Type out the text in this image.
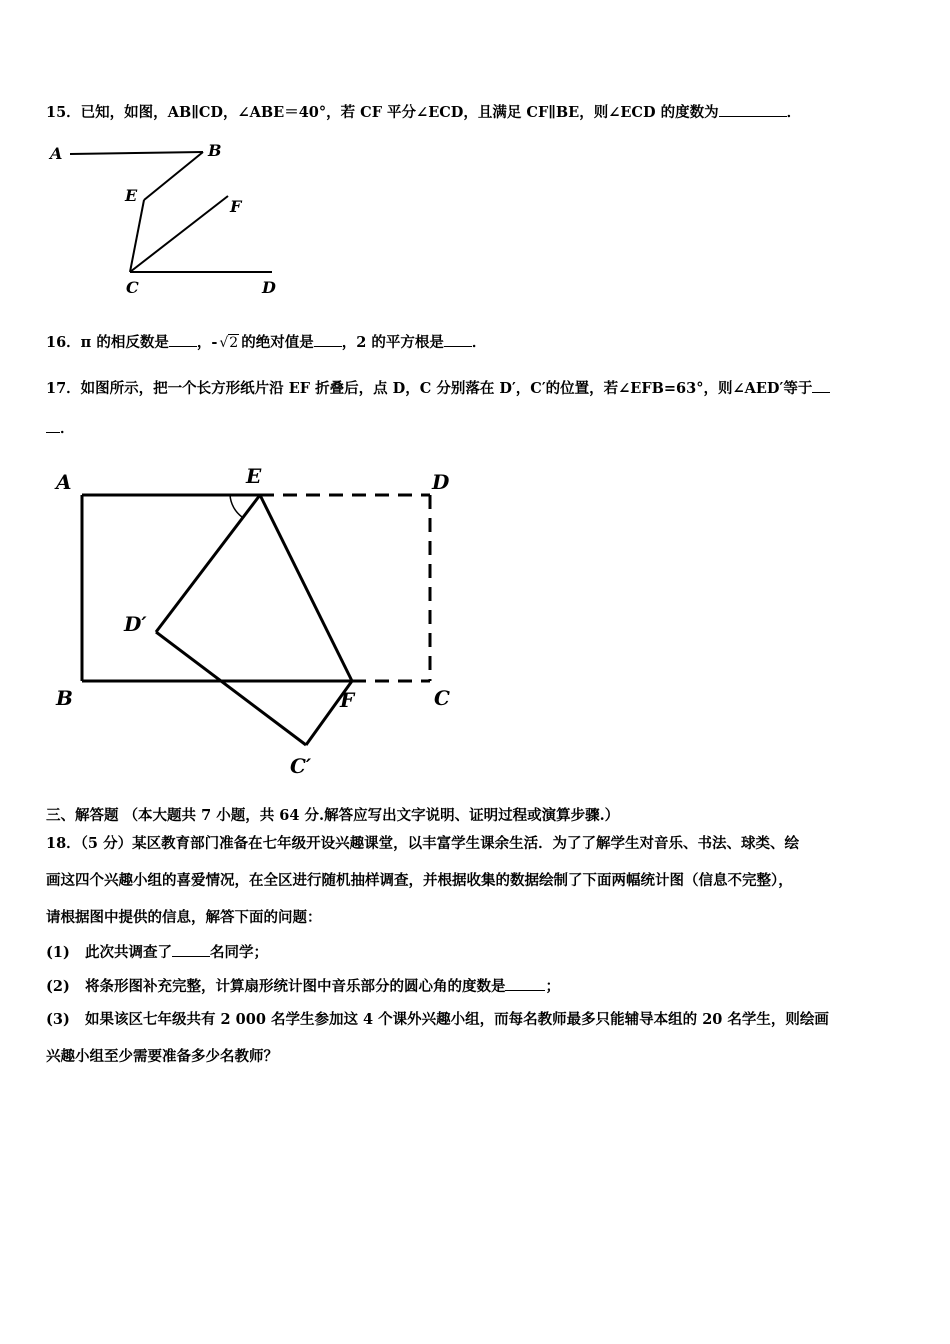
15．已知，如图，AB∥CD，∠ABE＝40°，若 CF 平分∠ECD，且满足 CF∥BE，则∠ECD 的度数为	．
A	B
E
F
C	D
16．π 的相反数是 ，- √2 的绝对值是 ，2 的平方根是 ．
17．如图所示，把一个长方形纸片沿 EF 折叠后，点 D，C 分别落在 D′，C′的位置，若∠EFB=63°，则∠AED′等于
．
A	E	D
D′
B	F	C
C′
三、解答题 （本大题共 7 小题，共 64 分.解答应写出文字说明、证明过程或演算步骤.）
18．（5 分）某区教育部门准备在七年级开设兴趣课堂，以丰富学生课余生活．为了了解学生对音乐、书法、球类、绘
画这四个兴趣小组的喜爱情况，在全区进行随机抽样调查，并根据收集的数据绘制了下面两幅统计图（信息不完整），
请根据图中提供的信息，解答下面的问题：
(1) 此次共调查了	名同学；
(2) 将条形图补充完整，计算扇形统计图中音乐部分的圆心角的度数是	；
(3) 如果该区七年级共有 2 000 名学生参加这 4 个课外兴趣小组，而每名教师最多只能辅导本组的 20 名学生，则绘画
兴趣小组至少需要准备多少名教师？
